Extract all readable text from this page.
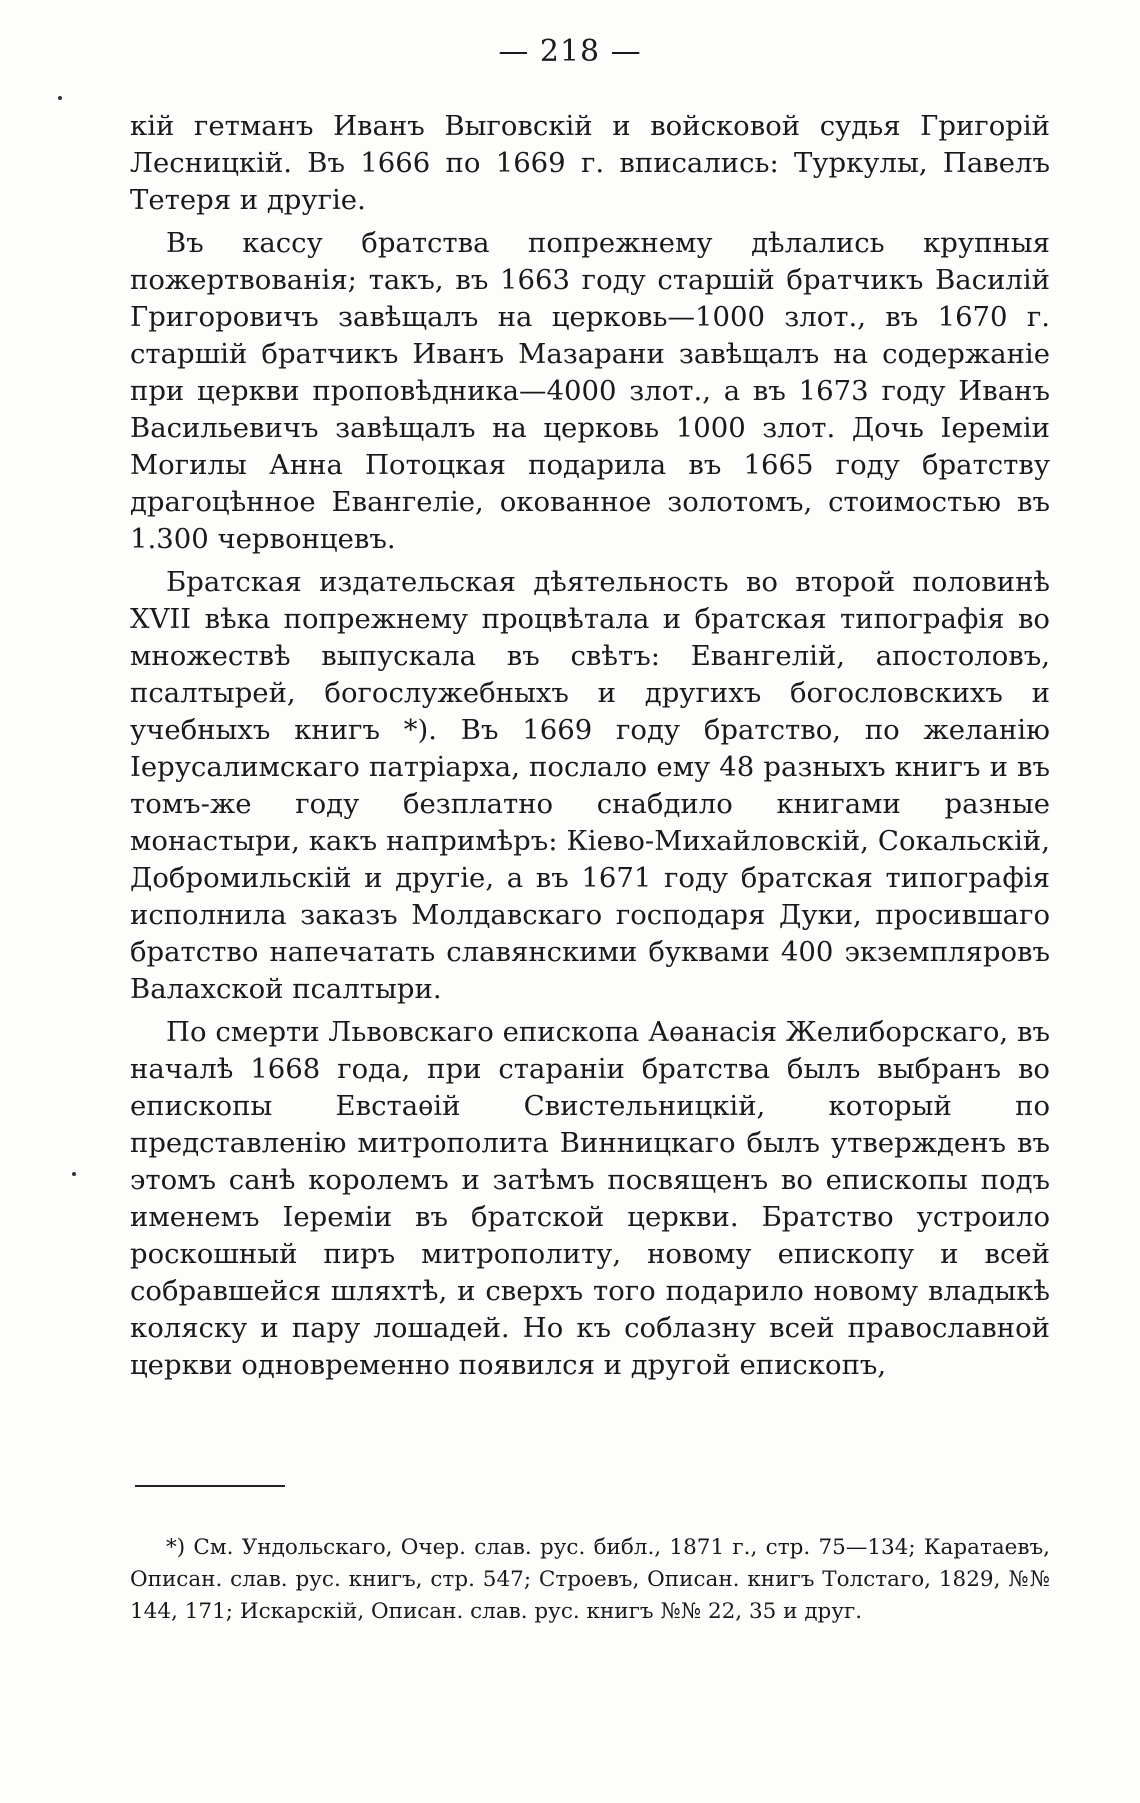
— 218 —

кій гетманъ Иванъ Выговскій и войсковой судья Григорій Лесницкій. Въ 1666 по 1669 г. вписались: Туркулы, Павелъ Тетеря и другіе.

Въ кассу братства попрежнему дѣлались крупныя пожертвованія; такъ, въ 1663 году старшій братчикъ Василій Григоровичъ завѣщалъ на церковь—1000 злот., въ 1670 г. старшій братчикъ Иванъ Мазарани завѣщалъ на содержаніе при церкви проповѣдника—4000 злот., а въ 1673 году Иванъ Васильевичъ завѣщалъ на церковь 1000 злот. Дочь Іереміи Могилы Анна Потоцкая подарила въ 1665 году братству драгоцѣнное Евангеліе, окованное золотомъ, стоимостью въ 1.300 червонцевъ.

Братская издательская дѣятельность во второй половинѣ XVII вѣка попрежнему процвѣтала и братская типографія во множествѣ выпускала въ свѣтъ: Евангелій, апостоловъ, псалтырей, богослужебныхъ и другихъ богословскихъ и учебныхъ книгъ *). Въ 1669 году братство, по желанію Іерусалимскаго патріарха, послало ему 48 разныхъ книгъ и въ томъ-же году безплатно снабдило книгами разные монастыри, какъ напримѣръ: Кіево-Михайловскій, Сокальскій, Добромильскій и другіе, а въ 1671 году братская типографія исполнила заказъ Молдавскаго господаря Дуки, просившаго братство напечатать славянскими буквами 400 экземпляровъ Валахской псалтыри.

По смерти Львовскаго епископа Аѳанасія Желиборскаго, въ началѣ 1668 года, при стараніи братства былъ выбранъ во епископы Евстаѳій Свистельницкій, который по представленію митрополита Винницкаго былъ утвержденъ въ этомъ санѣ королемъ и затѣмъ посвященъ во епископы подъ именемъ Іереміи въ братской церкви. Братство устроило роскошный пиръ митрополиту, новому епископу и всей собравшейся шляхтѣ, и сверхъ того подарило новому владыкѣ коляску и пару лошадей. Но къ соблазну всей православной церкви одновременно появился и другой епископъ,

*) См. Ундольскаго, Очер. слав. рус. библ., 1871 г., стр. 75—134; Каратаевъ, Описан. слав. рус. книгъ, стр. 547; Строевъ, Описан. книгъ Толстаго, 1829, №№ 144, 171; Искарскій, Описан. слав. рус. книгъ №№ 22, 35 и друг.
